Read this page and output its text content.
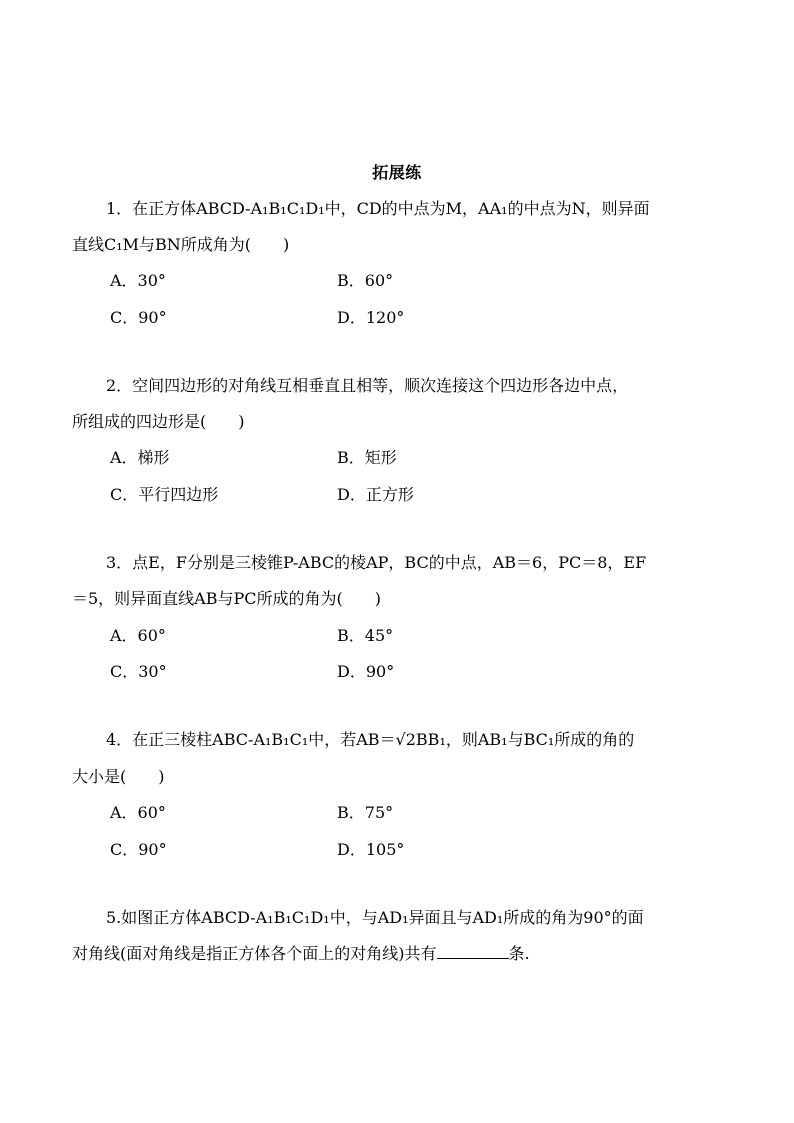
拓展练
1．在正方体ABCD-A₁B₁C₁D₁中，CD的中点为M，AA₁的中点为N，则异面
直线C₁M与BN所成角为(　　)
A．30°	B．60°
C．90°	D．120°
2．空间四边形的对角线互相垂直且相等，顺次连接这个四边形各边中点，
所组成的四边形是(　　)
A．梯形	B．矩形
C．平行四边形	D．正方形
3．点E，F分别是三棱锥P-ABC的棱AP，BC的中点，AB＝6，PC＝8，EF
＝5，则异面直线AB与PC所成的角为(　　)
A．60°	B．45°
C．30°	D．90°
4．在正三棱柱ABC-A₁B₁C₁中，若AB＝√2BB₁，则AB₁与BC₁所成的角的
大小是(　　)
A．60°	B．75°
C．90°	D．105°
5.如图正方体ABCD-A₁B₁C₁D₁中，与AD₁异面且与AD₁所成的角为90°的面
对角线(面对角线是指正方体各个面上的对角线)共有	条.
